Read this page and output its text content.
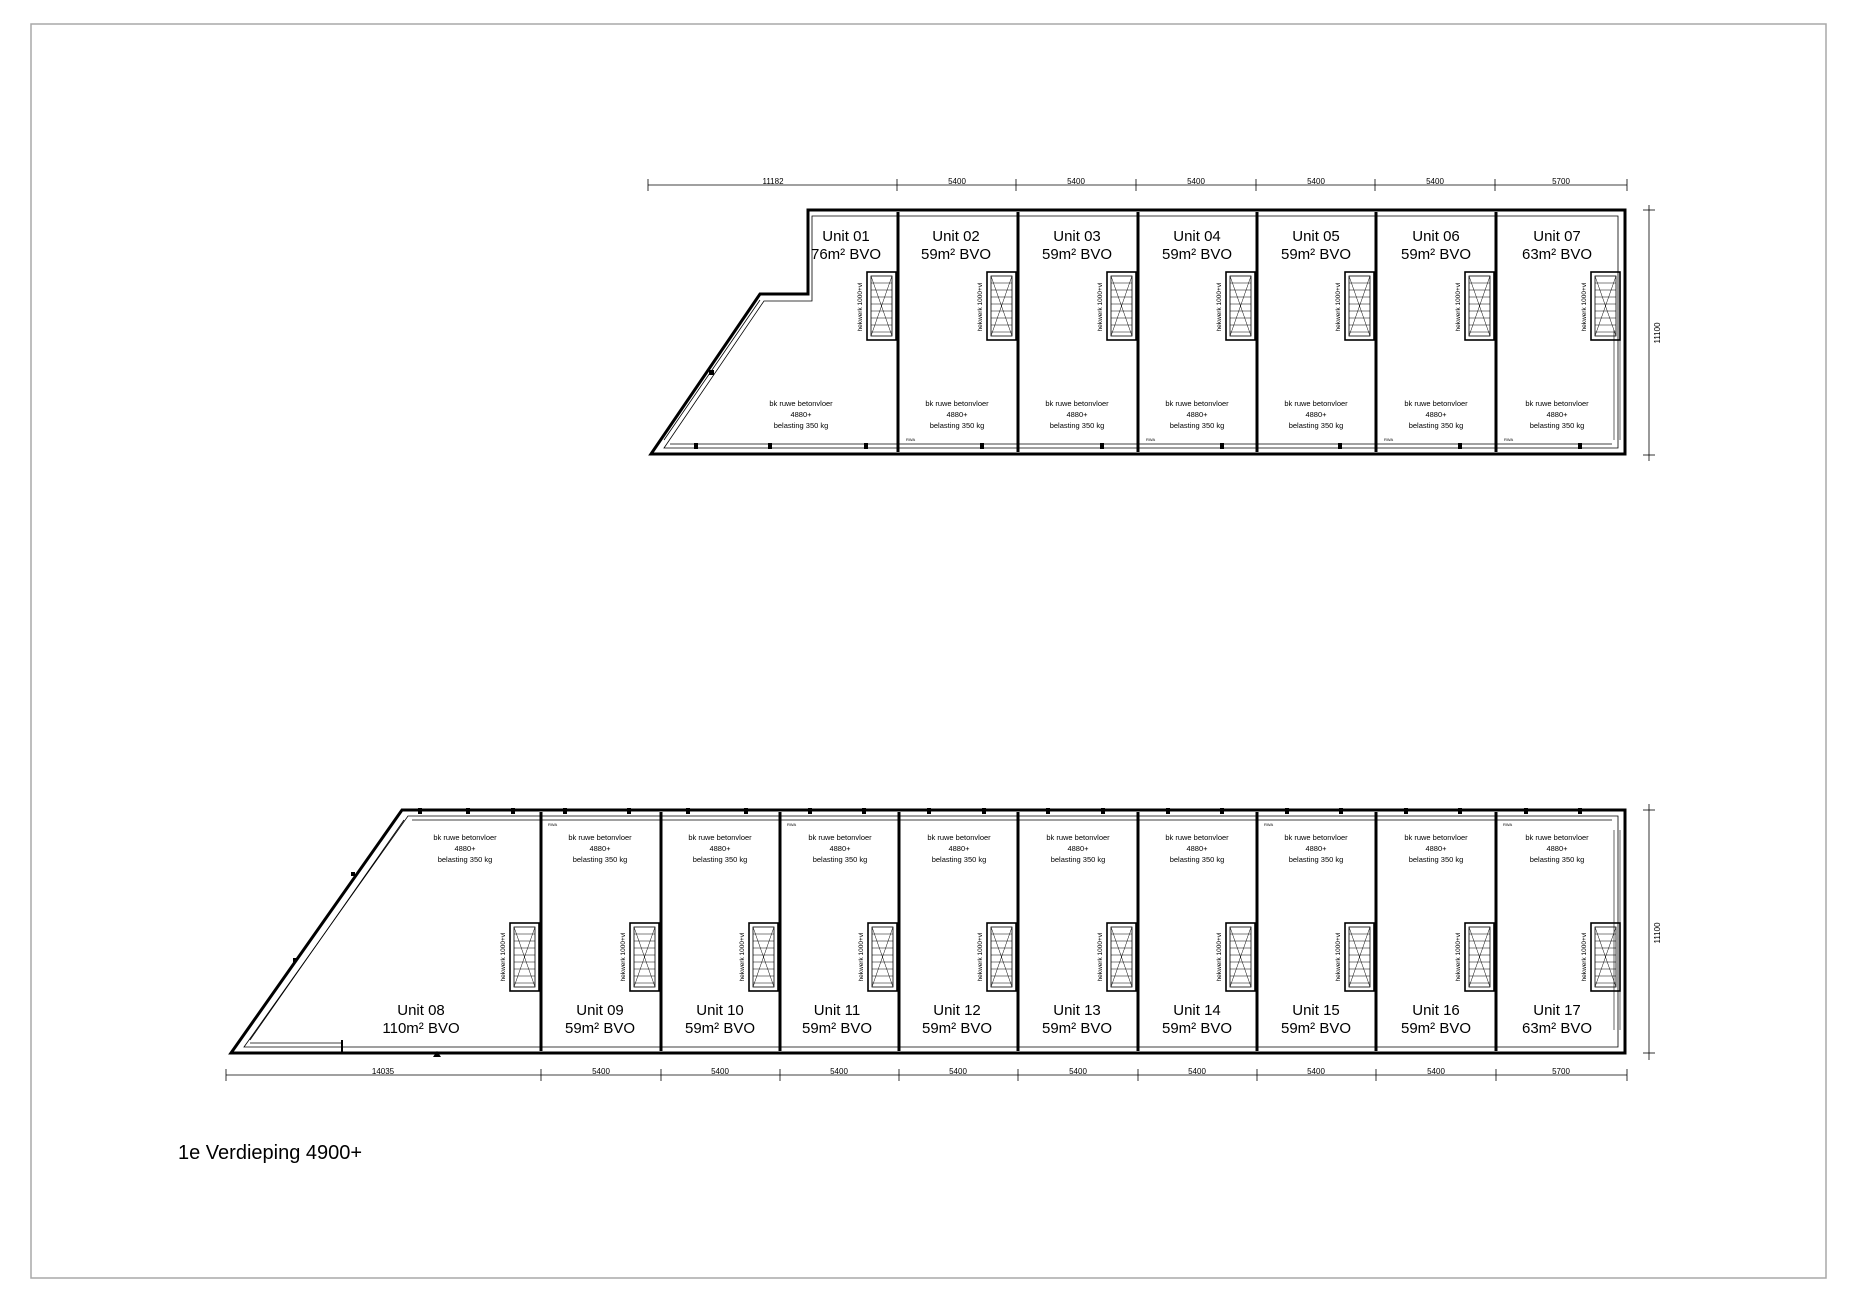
11182	5400	5400	5400	5400	5400	5700
11100
hekwerk 1000+vl	hekwerk 1000+vl	hekwerk 1000+vl	hekwerk 1000+vl	hekwerk 1000+vl	hekwerk 1000+vl	hekwerk 1000+vl
RWA	RWA	RWA	RWA
Unit 01
76m² BVO
Unit 02
59m² BVO
Unit 03
59m² BVO
Unit 04
59m² BVO
Unit 05
59m² BVO
Unit 06
59m² BVO
Unit 07
63m² BVO
bk ruwe betonvloer
4880+
belasting 350 kg
bk ruwe betonvloer
4880+
belasting 350 kg
bk ruwe betonvloer
4880+
belasting 350 kg
bk ruwe betonvloer
4880+
belasting 350 kg
bk ruwe betonvloer
4880+
belasting 350 kg
bk ruwe betonvloer
4880+
belasting 350 kg
bk ruwe betonvloer
4880+
belasting 350 kg
hekwerk 1000+vl	hekwerk 1000+vl	hekwerk 1000+vl	hekwerk 1000+vl	hekwerk 1000+vl	hekwerk 1000+vl	hekwerk 1000+vl	hekwerk 1000+vl	hekwerk 1000+vl	hekwerk 1000+vl
RWA	RWA	RWA	RWA
bk ruwe betonvloer
4880+
belasting 350 kg
bk ruwe betonvloer
4880+
belasting 350 kg
bk ruwe betonvloer
4880+
belasting 350 kg
bk ruwe betonvloer
4880+
belasting 350 kg
bk ruwe betonvloer
4880+
belasting 350 kg
bk ruwe betonvloer
4880+
belasting 350 kg
bk ruwe betonvloer
4880+
belasting 350 kg
bk ruwe betonvloer
4880+
belasting 350 kg
bk ruwe betonvloer
4880+
belasting 350 kg
bk ruwe betonvloer
4880+
belasting 350 kg
Unit 08
110m² BVO
Unit 09
59m² BVO
Unit 10
59m² BVO
Unit 11
59m² BVO
Unit 12
59m² BVO
Unit 13
59m² BVO
Unit 14
59m² BVO
Unit 15
59m² BVO
Unit 16
59m² BVO
Unit 17
63m² BVO
14035	5400	5400	5400	5400	5400	5400	5400	5400	5700
11100
1e Verdieping 4900+
